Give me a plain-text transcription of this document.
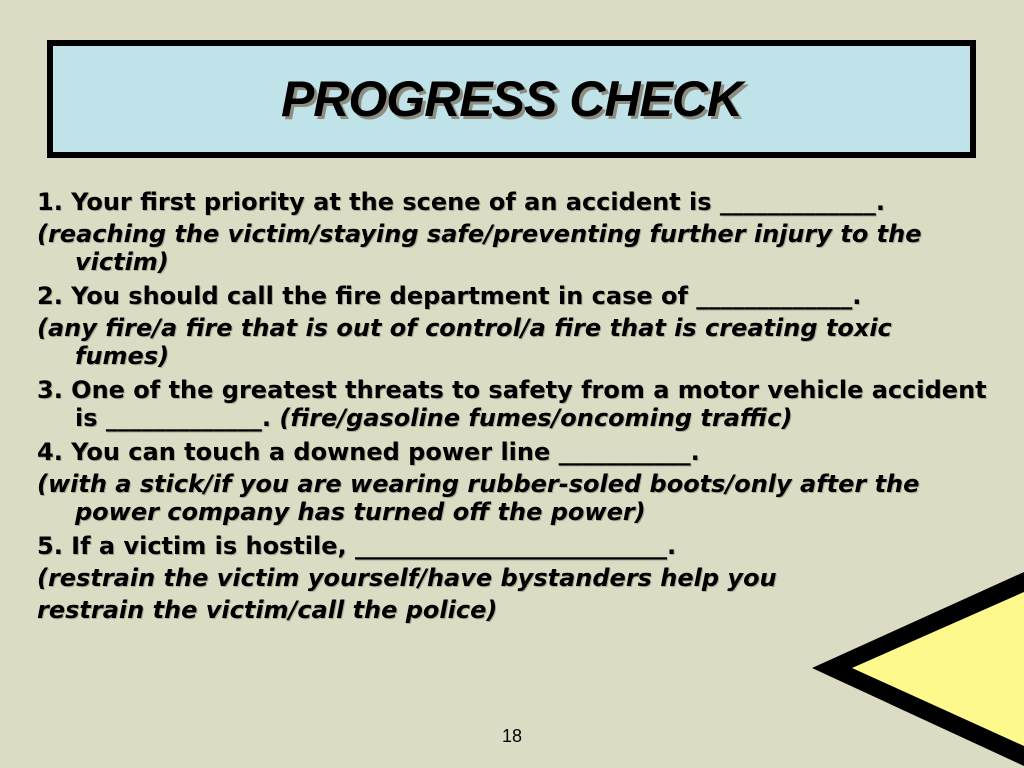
PROGRESS CHECK

1. Your first priority at the scene of an accident is _____________.

(reaching the victim/staying safe/preventing further injury to the victim)

2. You should call the fire department in case of _____________.

(any fire/a fire that is out of control/a fire that is creating toxic fumes)

3. One of the greatest threats to safety from a motor vehicle accident is _____________. (fire/gasoline fumes/oncoming traffic)

4. You can touch a downed power line ___________.

(with a stick/if you are wearing rubber-soled boots/only after the power company has turned off the power)

5. If a victim is hostile, __________________________.

(restrain the victim yourself/have bystanders help you

restrain the victim/call the police)

18
